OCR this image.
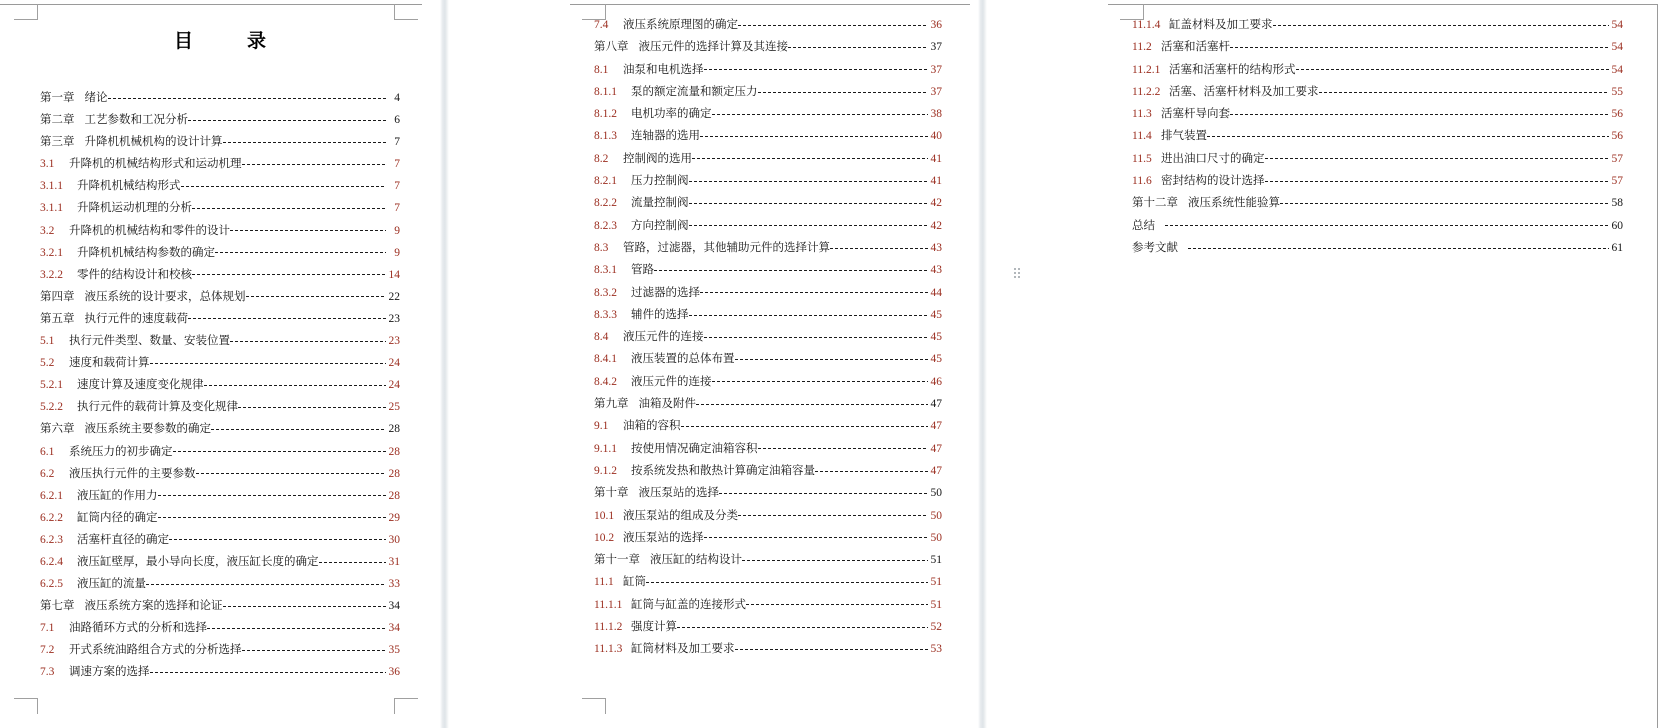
目	录
第一章 绪论	4
第二章 工艺参数和工况分析	6
第三章 升降机机械机构的设计计算	7
3.1	升降机的机械结构形式和运动机理	7
3.1.1	升降机机械结构形式	7
3.1.1	升降机运动机理的分析	7
3.2	升降机的机械结构和零件的设计	9
3.2.1	升降机机械结构参数的确定	9
3.2.2	零件的结构设计和校核	14
第四章 液压系统的设计要求，总体规划	22
第五章 执行元件的速度载荷	23
5.1	执行元件类型、数量、安装位置	23
5.2	速度和载荷计算	24
5.2.1	速度计算及速度变化规律	24
5.2.2	执行元件的载荷计算及变化规律	25
第六章 液压系统主要参数的确定	28
6.1	系统压力的初步确定	28
6.2	液压执行元件的主要参数	28
6.2.1	液压缸的作用力	28
6.2.2	缸筒内径的确定	29
6.2.3	活塞杆直径的确定	30
6.2.4	液压缸壁厚，最小导向长度，液压缸长度的确定	31
6.2.5	液压缸的流量	33
第七章 液压系统方案的选择和论证	34
7.1	油路循环方式的分析和选择	34
7.2	开式系统油路组合方式的分析选择	35
7.3	调速方案的选择	36
7.4	液压系统原理图的确定	36
第八章 液压元件的选择计算及其连接	37
8.1	油泵和电机选择	37
8.1.1	泵的额定流量和额定压力	37
8.1.2	电机功率的确定	38
8.1.3	连轴器的选用	40
8.2	控制阀的选用	41
8.2.1	压力控制阀	41
8.2.2	流量控制阀	42
8.2.3	方向控制阀	42
8.3	管路，过滤器，其他辅助元件的选择计算	43
8.3.1	管路	43
8.3.2	过滤器的选择	44
8.3.3	辅件的选择	45
8.4	液压元件的连接	45
8.4.1	液压装置的总体布置	45
8.4.2	液压元件的连接	46
第九章 油箱及附件	47
9.1	油箱的容积	47
9.1.1	按使用情况确定油箱容积	47
9.1.2	按系统发热和散热计算确定油箱容量	47
第十章 液压泵站的选择	50
10.1 液压泵站的组成及分类	50
10.2 液压泵站的选择	50
第十一章 液压缸的结构设计	51
11.1 缸筒	51
11.1.1 缸筒与缸盖的连接形式	51
11.1.2 强度计算	52
11.1.3 缸筒材料及加工要求	53
11.1.4 缸盖材料及加工要求	54
11.2 活塞和活塞杆	54
11.2.1 活塞和活塞杆的结构形式	54
11.2.2 活塞、活塞杆材料及加工要求	55
11.3 活塞杆导向套	56
11.4 排气装置	56
11.5 进出油口尺寸的确定	57
11.6 密封结构的设计选择	57
第十二章 液压系统性能验算	58
总结	60
参考文献	61
